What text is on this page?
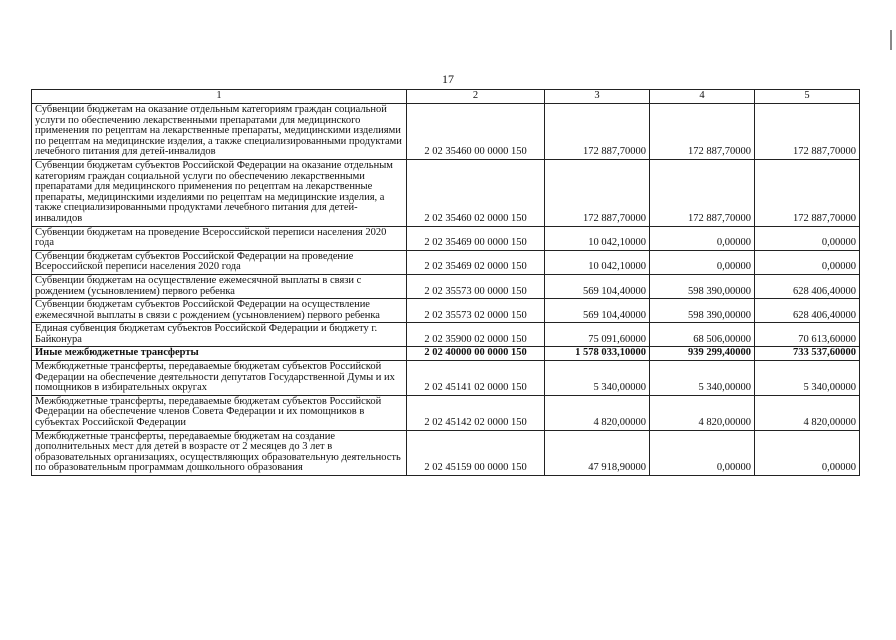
17
1	2	3	4	5
Субвенции бюджетам на оказание отдельным категориям граждан социальной услуги по обеспечению лекарственными препаратами для медицинского применения по рецептам на лекарственные препараты, медицинскими изделиями по рецептам на медицинские изделия, а также специализированными продуктами лечебного питания для детей-инвалидов	2 02 35460 00 0000 150	172 887,70000	172 887,70000	172 887,70000
Субвенции бюджетам субъектов Российской Федерации на оказание отдельным категориям граждан социальной услуги по обеспечению лекарственными препаратами для медицинского применения по рецептам на лекарственные препараты, медицинскими изделиями по рецептам на медицинские изделия, а также специализированными продуктами лечебного питания для детей-инвалидов	2 02 35460 02 0000 150	172 887,70000	172 887,70000	172 887,70000
Субвенции бюджетам на проведение Всероссийской переписи населения 2020 года	2 02 35469 00 0000 150	10 042,10000	0,00000	0,00000
Субвенции бюджетам субъектов Российской Федерации на проведение Всероссийской переписи населения 2020 года	2 02 35469 02 0000 150	10 042,10000	0,00000	0,00000
Субвенции бюджетам на осуществление ежемесячной выплаты в связи с рождением (усыновлением) первого ребенка	2 02 35573 00 0000 150	569 104,40000	598 390,00000	628 406,40000
Субвенции бюджетам субъектов Российской Федерации на осуществление ежемесячной выплаты в связи с рождением (усыновлением) первого ребенка	2 02 35573 02 0000 150	569 104,40000	598 390,00000	628 406,40000
Единая субвенция бюджетам субъектов Российской Федерации и бюджету г. Байконура	2 02 35900 02 0000 150	75 091,60000	68 506,00000	70 613,60000
Иные межбюджетные трансферты	2 02 40000 00 0000 150	1 578 033,10000	939 299,40000	733 537,60000
Межбюджетные трансферты, передаваемые бюджетам субъектов Российской Федерации на обеспечение деятельности депутатов Государственной Думы и их помощников в избирательных округах	2 02 45141 02 0000 150	5 340,00000	5 340,00000	5 340,00000
Межбюджетные трансферты, передаваемые бюджетам субъектов Российской Федерации на обеспечение членов Совета Федерации и их помощников в субъектах Российской Федерации	2 02 45142 02 0000 150	4 820,00000	4 820,00000	4 820,00000
Межбюджетные трансферты, передаваемые бюджетам на создание дополнительных мест для детей в возрасте от 2 месяцев до 3 лет в образовательных организациях, осуществляющих образовательную деятельность по образовательным программам дошкольного образования	2 02 45159 00 0000 150	47 918,90000	0,00000	0,00000
